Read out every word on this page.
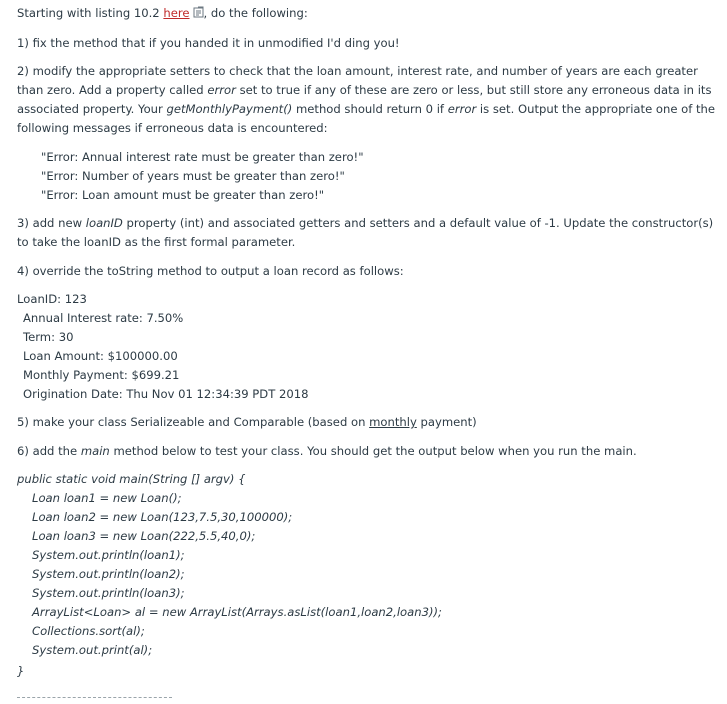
Starting with listing 10.2 here , do the following:
1) fix the method that if you handed it in unmodified I'd ding you!
2) modify the appropriate setters to check that the loan amount, interest rate, and number of years are each greater
than zero. Add a property called error set to true if any of these are zero or less, but still store any erroneous data in its
associated property. Your getMonthlyPayment() method should return 0 if error is set. Output the appropriate one of the
following messages if erroneous data is encountered:
"Error: Annual interest rate must be greater than zero!"
"Error: Number of years must be greater than zero!"
"Error: Loan amount must be greater than zero!"
3) add new loanID property (int) and associated getters and setters and a default value of -1. Update the constructor(s)
to take the loanID as the first formal parameter.
4) override the toString method to output a loan record as follows:
LoanID: 123
Annual Interest rate: 7.50%
Term: 30
Loan Amount: $100000.00
Monthly Payment: $699.21
Origination Date: Thu Nov 01 12:34:39 PDT 2018
5) make your class Serializeable and Comparable (based on monthly payment)
6) add the main method below to test your class. You should get the output below when you run the main.
public static void main(String [] argv) {
Loan loan1 = new Loan();
Loan loan2 = new Loan(123,7.5,30,100000);
Loan loan3 = new Loan(222,5.5,40,0);
System.out.println(loan1);
System.out.println(loan2);
System.out.println(loan3);
ArrayList<Loan> al = new ArrayList(Arrays.asList(loan1,loan2,loan3));
Collections.sort(al);
System.out.print(al);
}
